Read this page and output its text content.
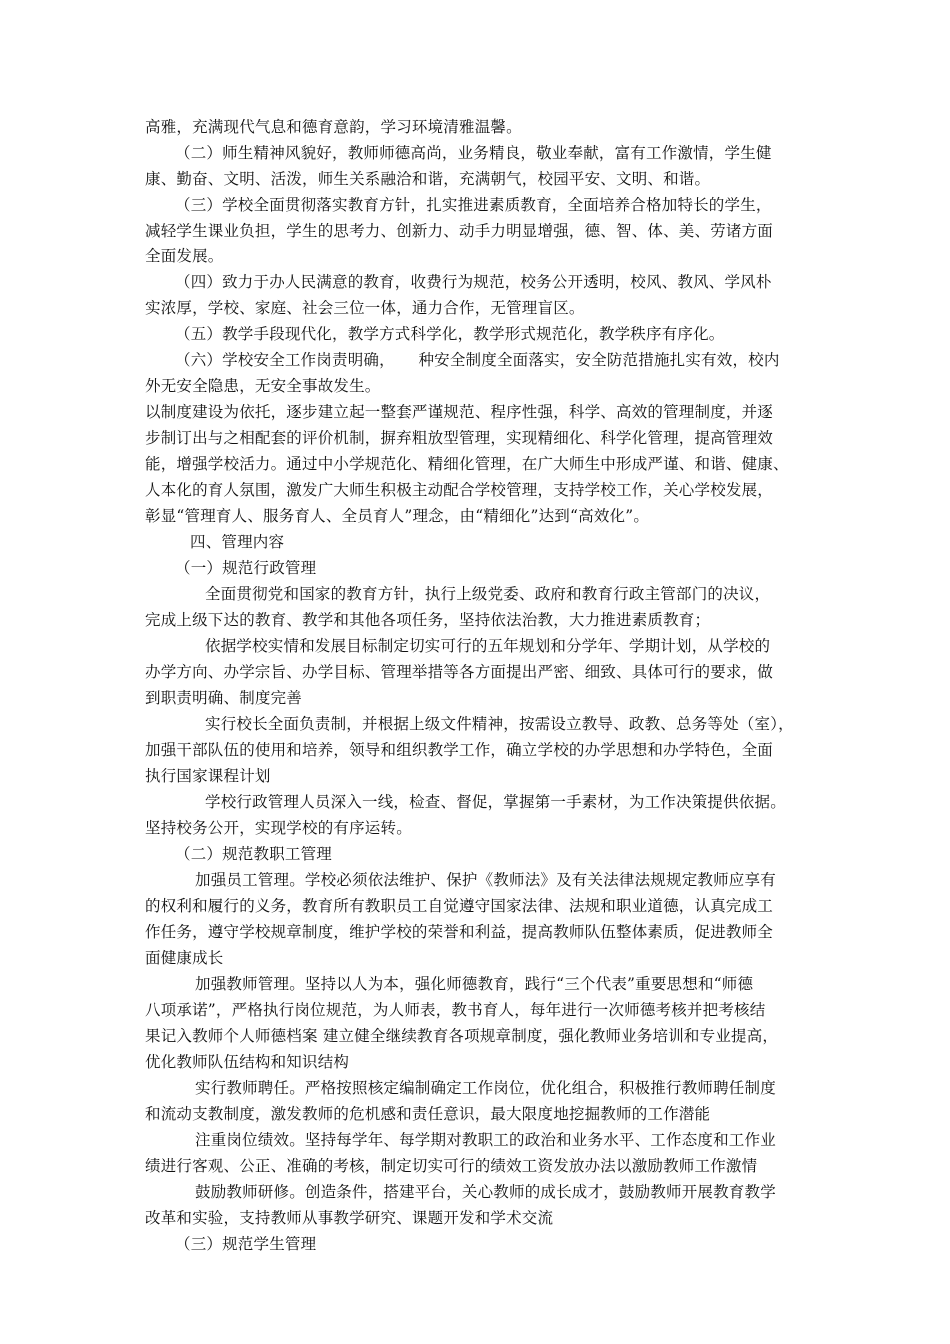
高雅，充满现代气息和德育意韵，学习环境清雅温馨。
（二）师生精神风貌好，教师师德高尚，业务精良，敬业奉献，富有工作激情，学生健
康、勤奋、文明、活泼，师生关系融洽和谐，充满朝气，校园平安、文明、和谐。
（三）学校全面贯彻落实教育方针，扎实推进素质教育，全面培养合格加特长的学生，
减轻学生课业负担，学生的思考力、创新力、动手力明显增强，德、智、体、美、劳诸方面
全面发展。
（四）致力于办人民满意的教育，收费行为规范，校务公开透明，校风、教风、学风朴
实浓厚，学校、家庭、社会三位一体，通力合作，无管理盲区。
（五）教学手段现代化，教学方式科学化，教学形式规范化，教学秩序有序化。
（六）学校安全工作岗责明确，　　种安全制度全面落实，安全防范措施扎实有效，校内
外无安全隐患，无安全事故发生。
以制度建设为依托，逐步建立起一整套严谨规范、程序性强，科学、高效的管理制度，并逐
步制订出与之相配套的评价机制，摒弃粗放型管理，实现精细化、科学化管理，提高管理效
能，增强学校活力。通过中小学规范化、精细化管理，在广大师生中形成严谨、和谐、健康、
人本化的育人氛围，激发广大师生积极主动配合学校管理，支持学校工作，关心学校发展，
彰显“管理育人、服务育人、全员育人”理念，由“精细化”达到“高效化”。
四、管理内容
（一）规范行政管理
全面贯彻党和国家的教育方针，执行上级党委、政府和教育行政主管部门的决议，
完成上级下达的教育、教学和其他各项任务，坚持依法治教，大力推进素质教育；
依据学校实情和发展目标制定切实可行的五年规划和分学年、学期计划，从学校的
办学方向、办学宗旨、办学目标、管理举措等各方面提出严密、细致、具体可行的要求，做
到职责明确、制度完善
实行校长全面负责制，并根据上级文件精神，按需设立教导、政教、总务等处（室），
加强干部队伍的使用和培养，领导和组织教学工作，确立学校的办学思想和办学特色，全面
执行国家课程计划
学校行政管理人员深入一线，检查、督促，掌握第一手素材，为工作决策提供依据。
坚持校务公开，实现学校的有序运转。
（二）规范教职工管理
加强员工管理。学校必须依法维护、保护《教师法》及有关法律法规规定教师应享有
的权利和履行的义务，教育所有教职员工自觉遵守国家法律、法规和职业道德，认真完成工
作任务，遵守学校规章制度，维护学校的荣誉和利益，提高教师队伍整体素质，促进教师全
面健康成长
加强教师管理。坚持以人为本，强化师德教育，践行“三个代表”重要思想和“师德
八项承诺”，严格执行岗位规范，为人师表，教书育人，每年进行一次师德考核并把考核结
果记入教师个人师德档案 建立健全继续教育各项规章制度，强化教师业务培训和专业提高，
优化教师队伍结构和知识结构
实行教师聘任。严格按照核定编制确定工作岗位，优化组合，积极推行教师聘任制度
和流动支教制度，激发教师的危机感和责任意识，最大限度地挖掘教师的工作潜能
注重岗位绩效。坚持每学年、每学期对教职工的政治和业务水平、工作态度和工作业
绩进行客观、公正、准确的考核，制定切实可行的绩效工资发放办法以激励教师工作激情
鼓励教师研修。创造条件，搭建平台，关心教师的成长成才，鼓励教师开展教育教学
改革和实验，支持教师从事教学研究、课题开发和学术交流
（三）规范学生管理
